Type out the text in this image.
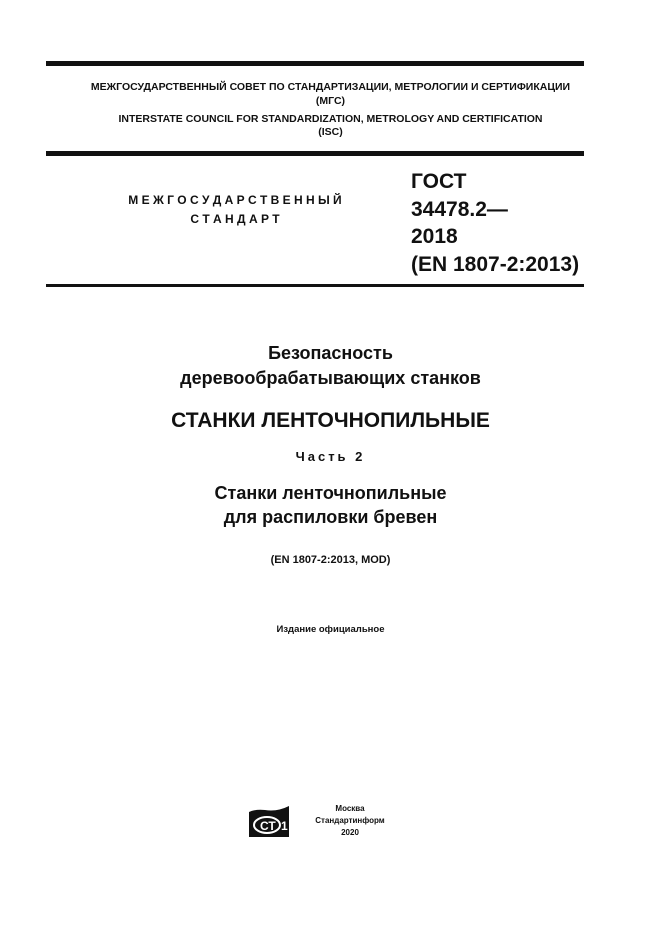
МЕЖГОСУДАРСТВЕННЫЙ СОВЕТ ПО СТАНДАРТИЗАЦИИ, МЕТРОЛОГИИ И СЕРТИФИКАЦИИ
(МГС)
INTERSTATE COUNCIL FOR STANDARDIZATION, METROLOGY AND CERTIFICATION
(ISC)
М Е Ж Г О С У Д А Р С Т В Е Н Н Ы Й
С Т А Н Д А Р Т
ГОСТ
34478.2—
2018
(EN 1807-2:2013)
Безопасность
деревообрабатывающих станков
СТАНКИ ЛЕНТОЧНОПИЛЬНЫЕ
Часть 2
Станки ленточнопильные
для распиловки бревен
(EN 1807-2:2013, MOD)
Издание официальное
СТ 1
Москва
Стандартинформ
2020
